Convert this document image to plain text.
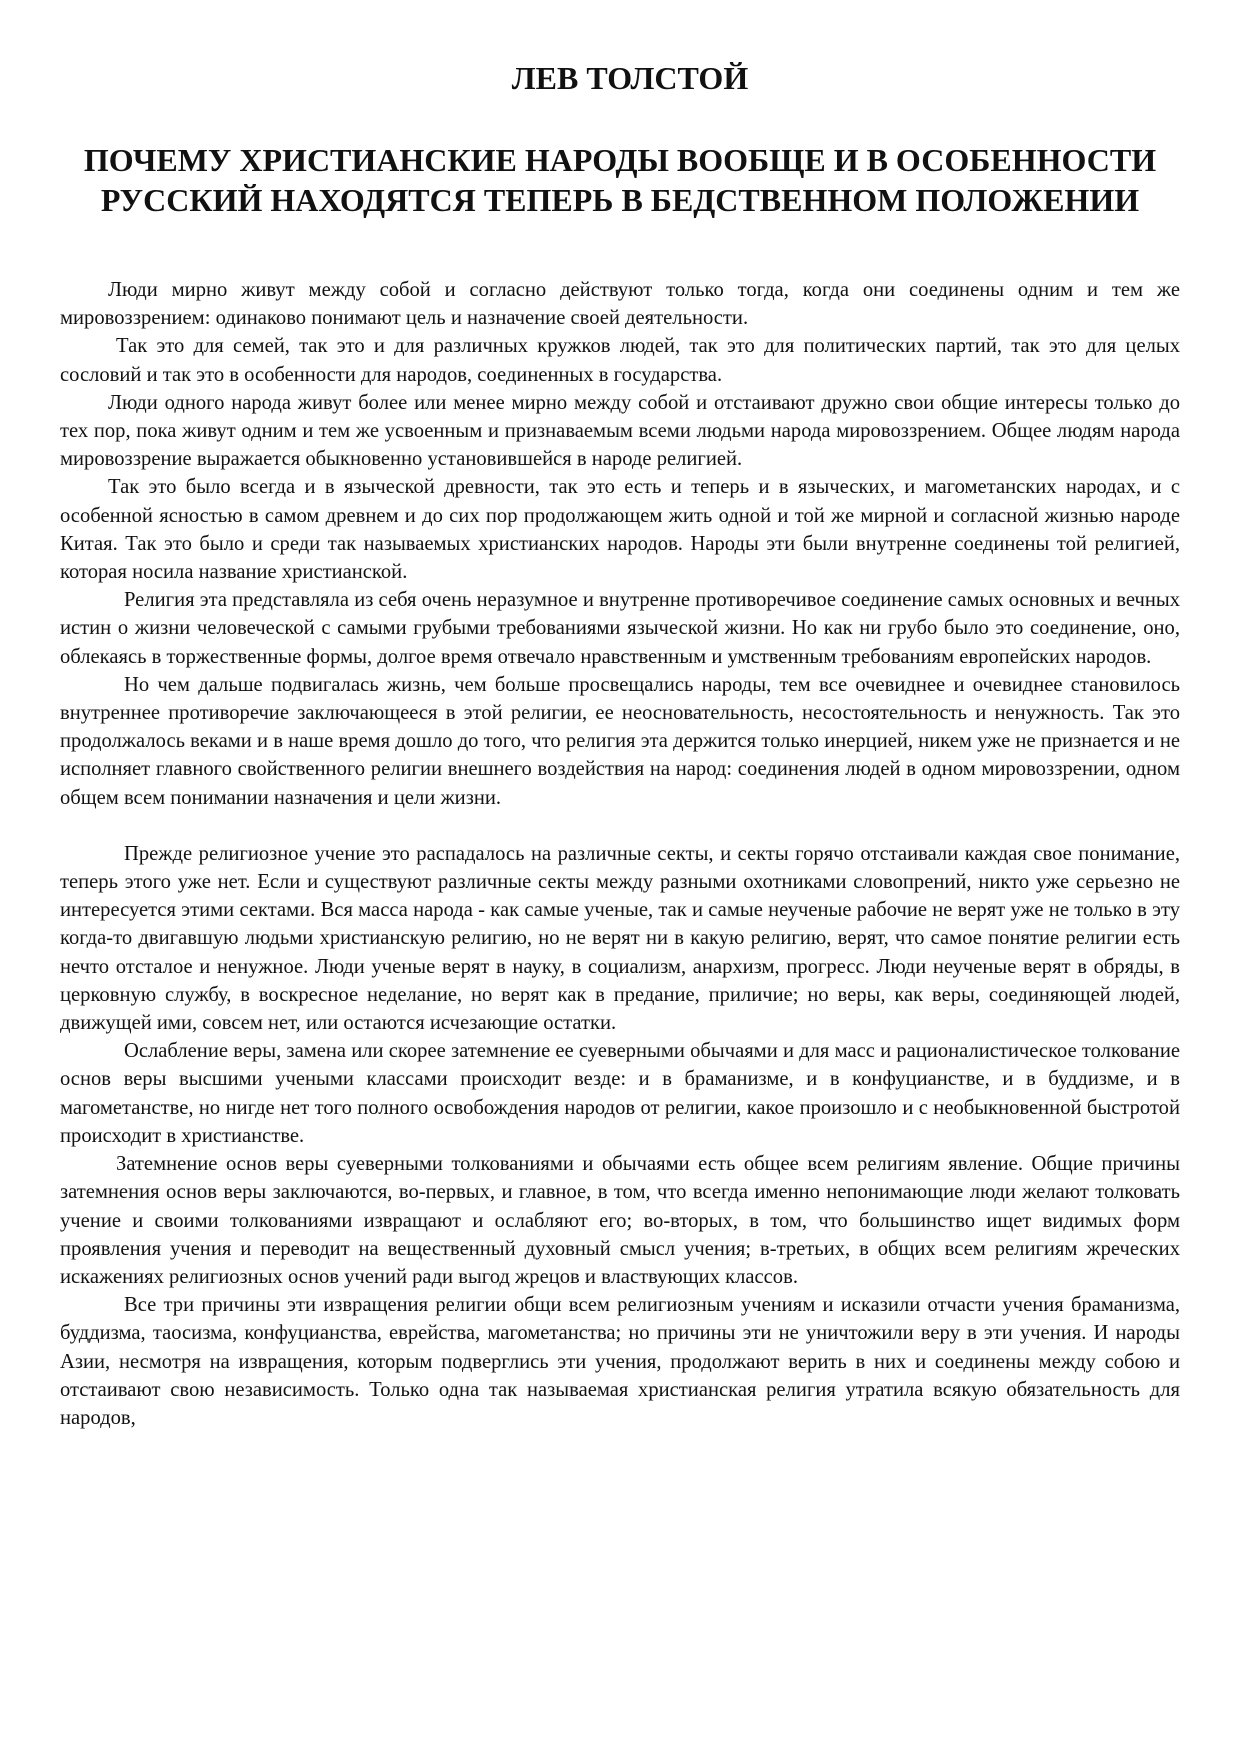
ЛЕВ ТОЛСТОЙ
ПОЧЕМУ ХРИСТИАНСКИЕ НАРОДЫ ВООБЩЕ И В ОСОБЕННОСТИ РУССКИЙ НАХОДЯТСЯ ТЕПЕРЬ В БЕДСТВЕННОМ ПОЛОЖЕНИИ

Люди мирно живут между собой и согласно действуют только тогда, когда они соединены одним и тем же мировоззрением: одинаково понимают цель и назначение своей деятельности.

Так это для семей, так это и для различных кружков людей, так это для политических партий, так это для целых сословий и так это в особенности для народов, соединенных в государства.

Люди одного народа живут более или менее мирно между собой и отстаивают дружно свои общие интересы только до тех пор, пока живут одним и тем же усвоенным и признаваемым всеми людьми народа мировоззрением. Общее людям народа мировоззрение выражается обыкновенно установившейся в народе религией.

Так это было всегда и в языческой древности, так это есть и теперь и в языческих, и магометанских народах, и с особенной ясностью в самом древнем и до сих пор продолжающем жить одной и той же мирной и согласной жизнью народе Китая. Так это было и среди так называемых христианских народов. Народы эти были внутренне соединены той религией, которая носила название христианской.

Религия эта представляла из себя очень неразумное и внутренне противоречивое соединение самых основных и вечных истин о жизни человеческой с самыми грубыми требованиями языческой жизни. Но как ни грубо было это соединение, оно, облекаясь в торжественные формы, долгое время отвечало нравственным и умственным требованиям европейских народов.

Но чем дальше подвигалась жизнь, чем больше просвещались народы, тем все очевиднее и очевиднее становилось внутреннее противоречие заключающееся в этой религии, ее неосновательность, несостоятельность и ненужность. Так это продолжалось веками и в наше время дошло до того, что религия эта держится только инерцией, никем уже не признается и не исполняет главного свойственного религии внешнего воздействия на народ: соединения людей в одном мировоззрении, одном общем всем понимании назначения и цели жизни.

Прежде религиозное учение это распадалось на различные секты, и секты горячо отстаивали каждая свое понимание, теперь этого уже нет. Если и существуют различные секты между разными охотниками словопрений, никто уже серьезно не интересуется этими сектами. Вся масса народа - как самые ученые, так и самые неученые рабочие не верят уже не только в эту когда-то двигавшую людьми христианскую религию, но не верят ни в какую религию, верят, что самое понятие религии есть нечто отсталое и ненужное. Люди ученые верят в науку, в социализм, анархизм, прогресс. Люди неученые верят в обряды, в церковную службу, в воскресное неделание, но верят как в предание, приличие; но веры, как веры, соединяющей людей, движущей ими, совсем нет, или остаются исчезающие остатки.

Ослабление веры, замена или скорее затемнение ее суеверными обычаями и для масс и рационалистическое толкование основ веры высшими учеными классами происходит везде: и в браманизме, и в конфуцианстве, и в буддизме, и в магометанстве, но нигде нет того полного освобождения народов от религии, какое произошло и с необыкновенной быстротой происходит в христианстве.

Затемнение основ веры суеверными толкованиями и обычаями есть общее всем религиям явление. Общие причины затемнения основ веры заключаются, во-первых, и главное, в том, что всегда именно непонимающие люди желают толковать учение и своими толкованиями извращают и ослабляют его; во-вторых, в том, что большинство ищет видимых форм проявления учения и переводит на вещественный духовный смысл учения; в-третьих, в общих всем религиям жреческих искажениях религиозных основ учений ради выгод жрецов и властвующих классов.

Все три причины эти извращения религии общи всем религиозным учениям и исказили отчасти учения браманизма, буддизма, таосизма, конфуцианства, еврейства, магометанства; но причины эти не уничтожили веру в эти учения. И народы Азии, несмотря на извращения, которым подверглись эти учения, продолжают верить в них и соединены между собою и отстаивают свою независимость. Только одна так называемая христианская религия утратила всякую обязательность для народов,
